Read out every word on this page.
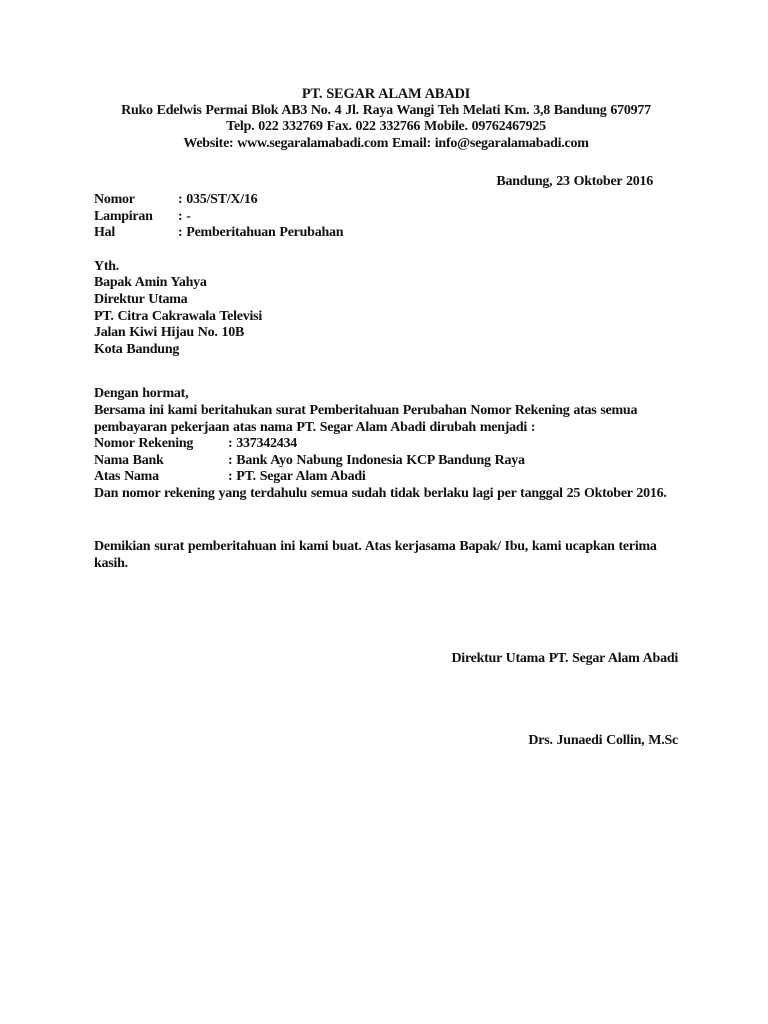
PT. SEGAR ALAM ABADI
Ruko Edelwis Permai Blok AB3 No. 4 Jl. Raya Wangi Teh Melati Km. 3,8 Bandung 670977
Telp. 022 332769 Fax. 022 332766 Mobile. 09762467925
Website: www.segaralamabadi.com Email: info@segaralamabadi.com
Bandung, 23 Oktober 2016
Nomor	: 035/ST/X/16
Lampiran	: -
Hal	: Pemberitahuan Perubahan
Yth.
Bapak Amin Yahya
Direktur Utama
PT. Citra Cakrawala Televisi
Jalan Kiwi Hijau No. 10B
Kota Bandung
Dengan hormat,
Bersama ini kami beritahukan surat Pemberitahuan Perubahan Nomor Rekening atas semua pembayaran pekerjaan atas nama PT. Segar Alam Abadi dirubah menjadi :
Nomor Rekening	: 337342434
Nama Bank	: Bank Ayo Nabung Indonesia KCP Bandung Raya
Atas Nama	: PT. Segar Alam Abadi
Dan nomor rekening yang terdahulu semua sudah tidak berlaku lagi per tanggal 25 Oktober 2016.
Demikian surat pemberitahuan ini kami buat. Atas kerjasama Bapak/ Ibu, kami ucapkan terima kasih.
Direktur Utama PT. Segar Alam Abadi
Drs. Junaedi Collin, M.Sc
